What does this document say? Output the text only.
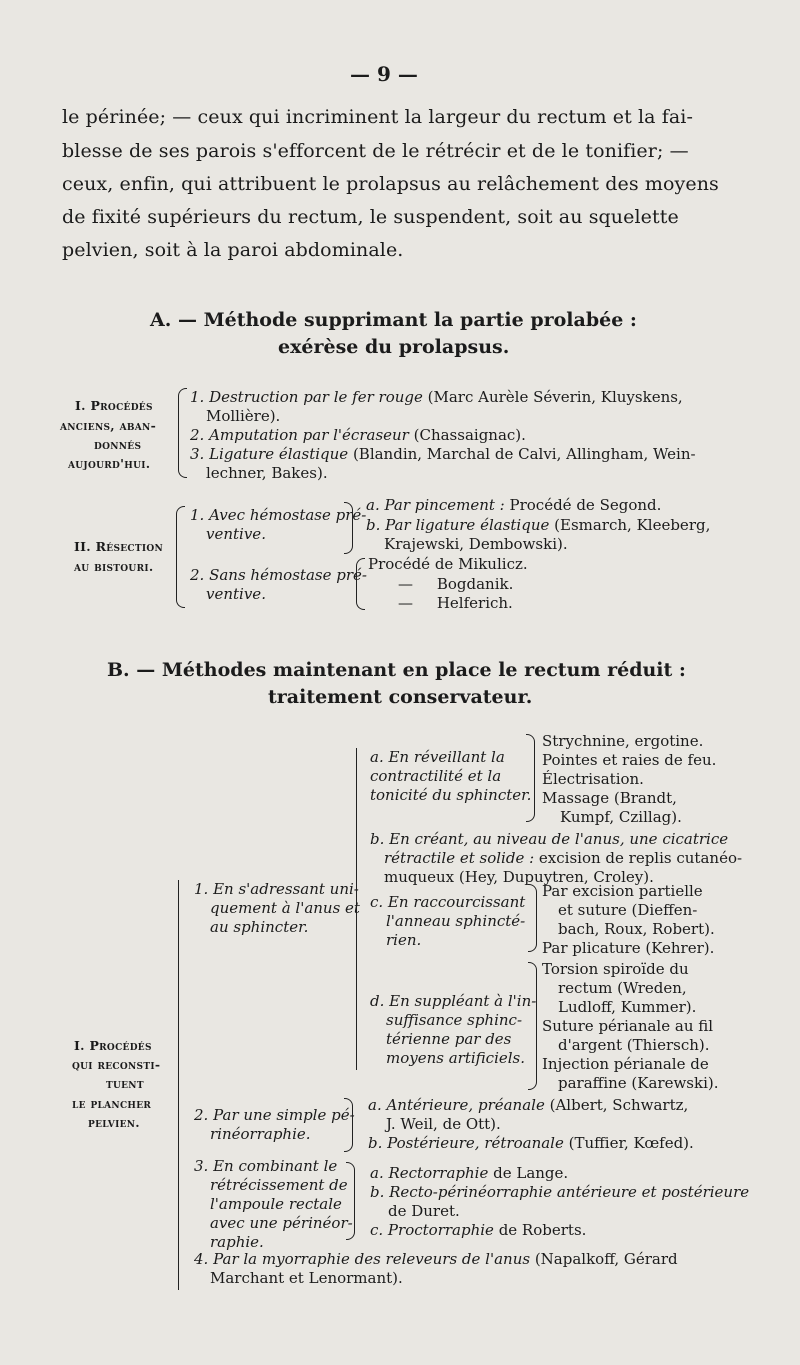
— 9 —
le périnée; — ceux qui incriminent la largeur du rectum et la fai-
blesse de ses parois s'efforcent de le rétrécir et de le tonifier; —
ceux, enfin, qui attribuent le prolapsus au relâchement des moyens
de fixité supérieurs du rectum, le suspendent, soit au squelette
pelvien, soit à la paroi abdominale.
A. — Méthode supprimant la partie prolabée :
exérèse du prolapsus.
I. Procédés
anciens, aban-
donnés
aujourd'hui.
1. Destruction par le fer rouge (Marc Aurèle Séverin, Kluyskens,
Mollière).
2. Amputation par l'écraseur (Chassaignac).
3. Ligature élastique (Blandin, Marchal de Calvi, Allingham, Wein-
lechner, Bakes).
II. Résection
au bistouri.
1. Avec hémostase pré-
ventive.
a. Par pincement : Procédé de Segond.
b. Par ligature élastique (Esmarch, Kleeberg,
Krajewski, Dembowski).
2. Sans hémostase pré-
ventive.
Procédé de Mikulicz.
—     Bogdanik.
—     Helferich.
B. — Méthodes maintenant en place le rectum réduit :
traitement conservateur.
a. En réveillant la
contractilité et la
tonicité du sphincter.
Strychnine, ergotine.
Pointes et raies de feu.
Électrisation.
Massage (Brandt,
Kumpf, Czillag).
b. En créant, au niveau de l'anus, une cicatrice
rétractile et solide : excision de replis cutanéo-
muqueux (Hey, Dupuytren, Croley).
1. En s'adressant uni-
quement à l'anus et
au sphincter.
c. En raccourcissant
l'anneau sphincté-
rien.
Par excision partielle
et suture (Dieffen-
bach, Roux, Robert).
Par plicature (Kehrer).
d. En suppléant à l'in-
suffisance sphinc-
térienne par des
moyens artificiels.
Torsion spiroïde du
rectum (Wreden,
Ludloff, Kummer).
Suture périanale au fil
d'argent (Thiersch).
Injection périanale de
paraffine (Karewski).
I. Procédés
qui reconsti-
tuent
le plancher
pelvien.	2. Par une simple pé-
rinéorraphie.
a. Antérieure, préanale (Albert, Schwartz,
J. Weil, de Ott).
b. Postérieure, rétroanale (Tuffier, Kœfed).
3. En combinant le
rétrécissement de
l'ampoule rectale
avec une périnéor-
raphie.
a. Rectorraphie de Lange.
b. Recto-périnéorraphie antérieure et postérieure
de Duret.
c. Proctorraphie de Roberts.
4. Par la myorraphie des releveurs de l'anus (Napalkoff, Gérard
Marchant et Lenormant).
